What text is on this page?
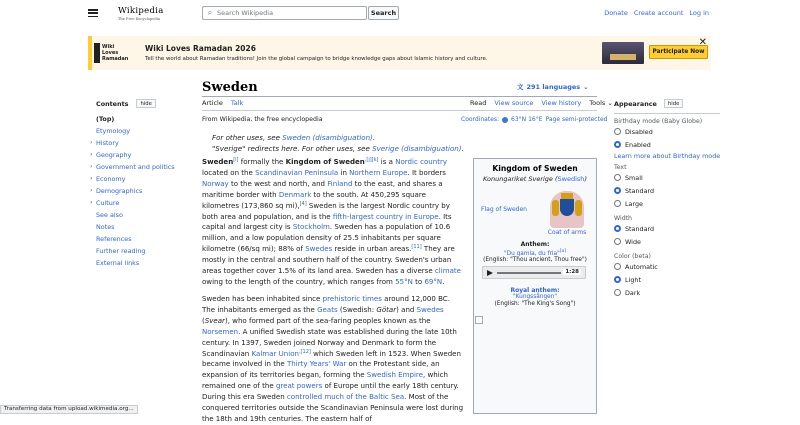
Wikipedia
The Free Encyclopedia
⌕
Search Wikipedia	Search	Donate Create account Log in
Wiki
Loves
Ramadan
Wiki Loves Ramadan 2026
Tell the world about Ramadan traditions! Join the global campaign to bridge knowledge gaps about Islamic history and culture.
Participate Now
✕
Sweden	文 291 languages ⌄
Article Talk	Read View source View history Tools ⌄
Contents	hide
(Top)
Etymology
› History
› Geography
› Government and politics
› Economy
› Demographics
› Culture
See also
Notes
References
Further reading
External links
From Wikipedia, the free encyclopedia	Coordinates: 63°N 16°E Page semi-protected
For other uses, see Sweden (disambiguation).
"Sverige" redirects here. For other uses, see Sverige (disambiguation).

Sweden[i] formally the Kingdom of Sweden$^{,[j][k]}$ is a Nordic country located on the Scandinavian Peninsula in Northern Europe. It borders Norway to the west and north, and Finland to the east, and shares a maritime border with Denmark to the south. At 450,295 square kilometres (173,860 sq mi),[4] Sweden is the largest Nordic country by both area and population, and is the fifth-largest country in Europe. Its capital and largest city is Stockholm. Sweden has a population of 10.6 million, and a low population density of 25.5 inhabitants per square kilometre (66/sq mi); 88% of Swedes reside in urban areas.[11] They are mostly in the central and southern half of the country. Sweden's urban areas together cover 1.5% of its land area. Sweden has a diverse climate owing to the length of the country, which ranges from 55°N to 69°N.

Sweden has been inhabited since prehistoric times around 12,000 BC. The inhabitants emerged as the Geats (Swedish: Götar) and Swedes (Svear), who formed part of the sea-faring peoples known as the Norsemen. A unified Swedish state was established during the late 10th century. In 1397, Sweden joined Norway and Denmark to form the Scandinavian Kalmar Union$^{,[12]}$ which Sweden left in 1523. When Sweden became involved in the Thirty Years' War on the Protestant side, an expansion of its territories began, forming the Swedish Empire, which remained one of the great powers of Europe until the early 18th century. During this era Sweden controlled much of the Baltic Sea. Most of the conquered territories outside the Scandinavian Peninsula were lost during the 18th and 19th centuries. The eastern half of

Kingdom of Sweden
Konungariket Sverige (Swedish)
Flag of Sweden
Coat of arms
Anthem:
"Du gamla, du fria"[a]
(English: "Thou ancient, Thou free")
1:28
Royal anthem:
"Kungssången"
(English: "The King's Song")
Appearance	hide
Birthday mode (Baby Globe)
Disabled
Enabled
Learn more about Birthday mode
Text
Small
Standard
Large
Width
Standard
Wide
Color (beta)
Automatic
Light
Dark
Transferring data from upload.wikimedia.org...
